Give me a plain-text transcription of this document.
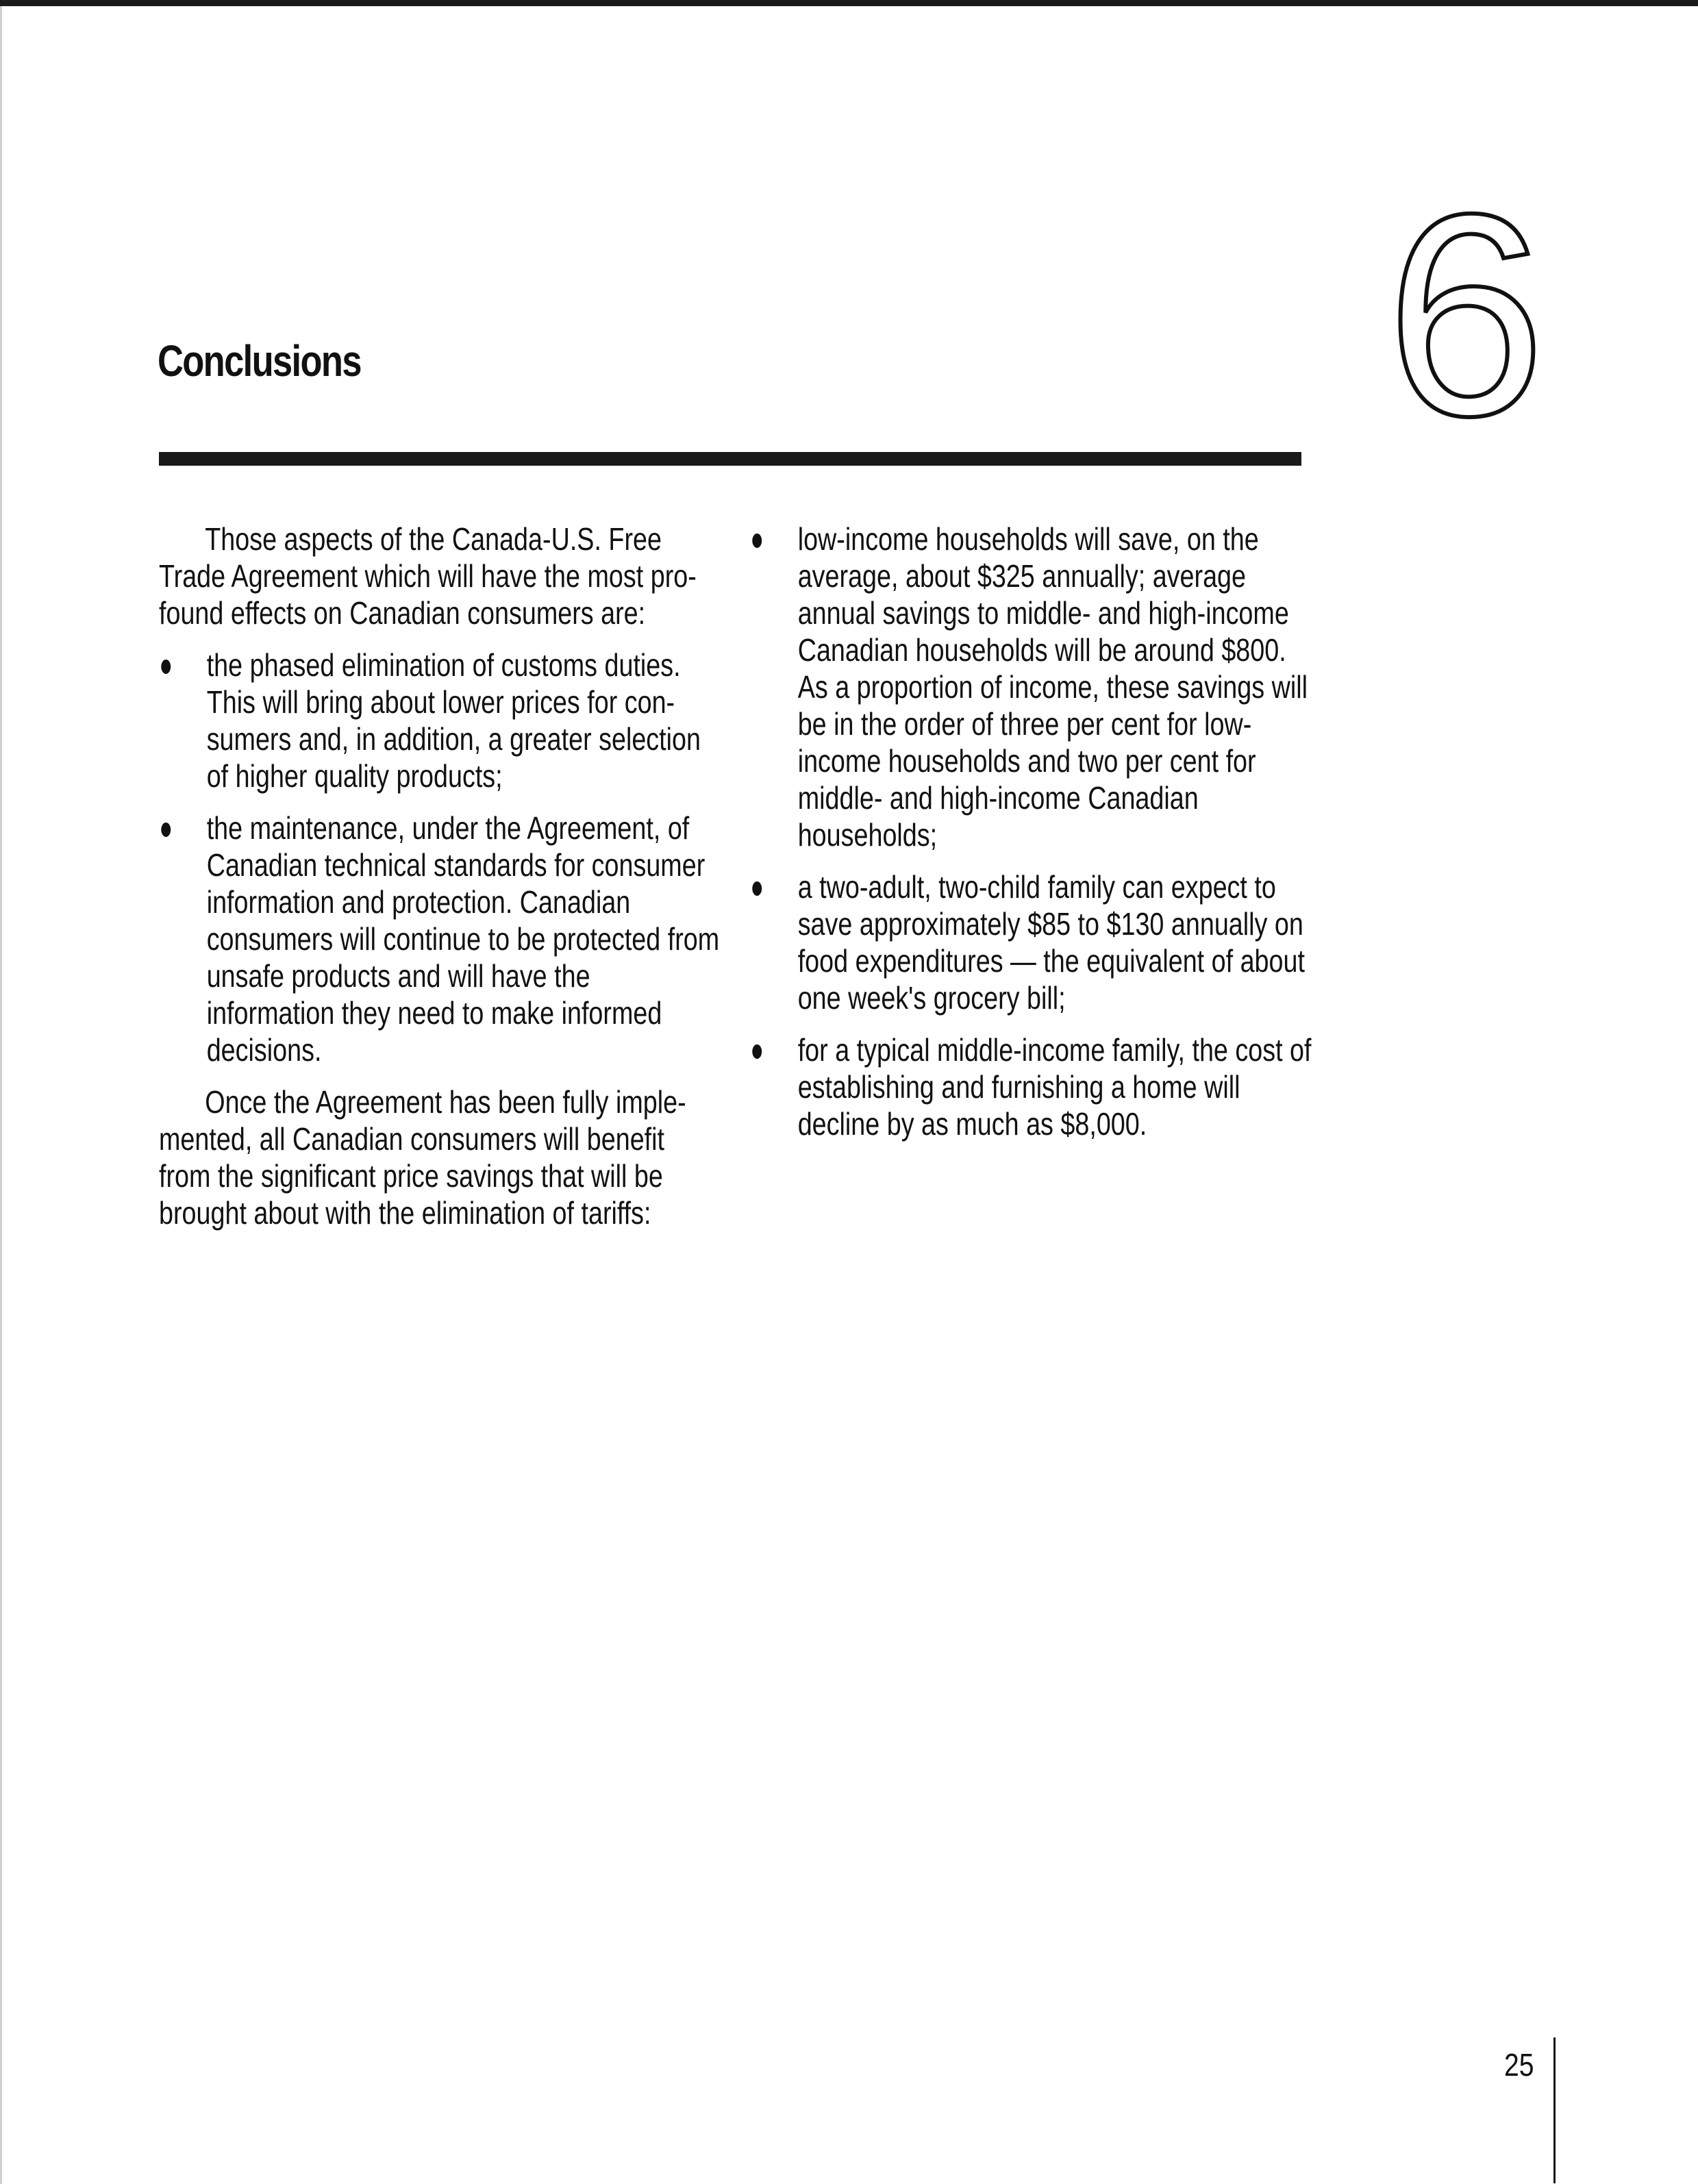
Conclusions	6

Those aspects of the Canada-U.S. Free Trade Agreement which will have the most pro-found effects on Canadian consumers are:

the phased elimination of customs duties. This will bring about lower prices for con-sumers and, in addition, a greater selection of higher quality products;
the maintenance, under the Agreement, of Canadian technical standards for consumer information and protection. Canadian consumers will continue to be protected from unsafe products and will have the information they need to make informed decisions.

Once the Agreement has been fully imple-mented, all Canadian consumers will benefit from the significant price savings that will be brought about with the elimination of tariffs:

low-income households will save, on the average, about $325 annually; average annual savings to middle- and high-income Canadian households will be around $800. As a proportion of income, these savings will be in the order of three per cent for low-income households and two per cent for middle- and high-income Canadian households;
a two-adult, two-child family can expect to save approximately $85 to $130 annually on food expenditures — the equivalent of about one week's grocery bill;
for a typical middle-income family, the cost of establishing and furnishing a home will decline by as much as $8,000.
25
